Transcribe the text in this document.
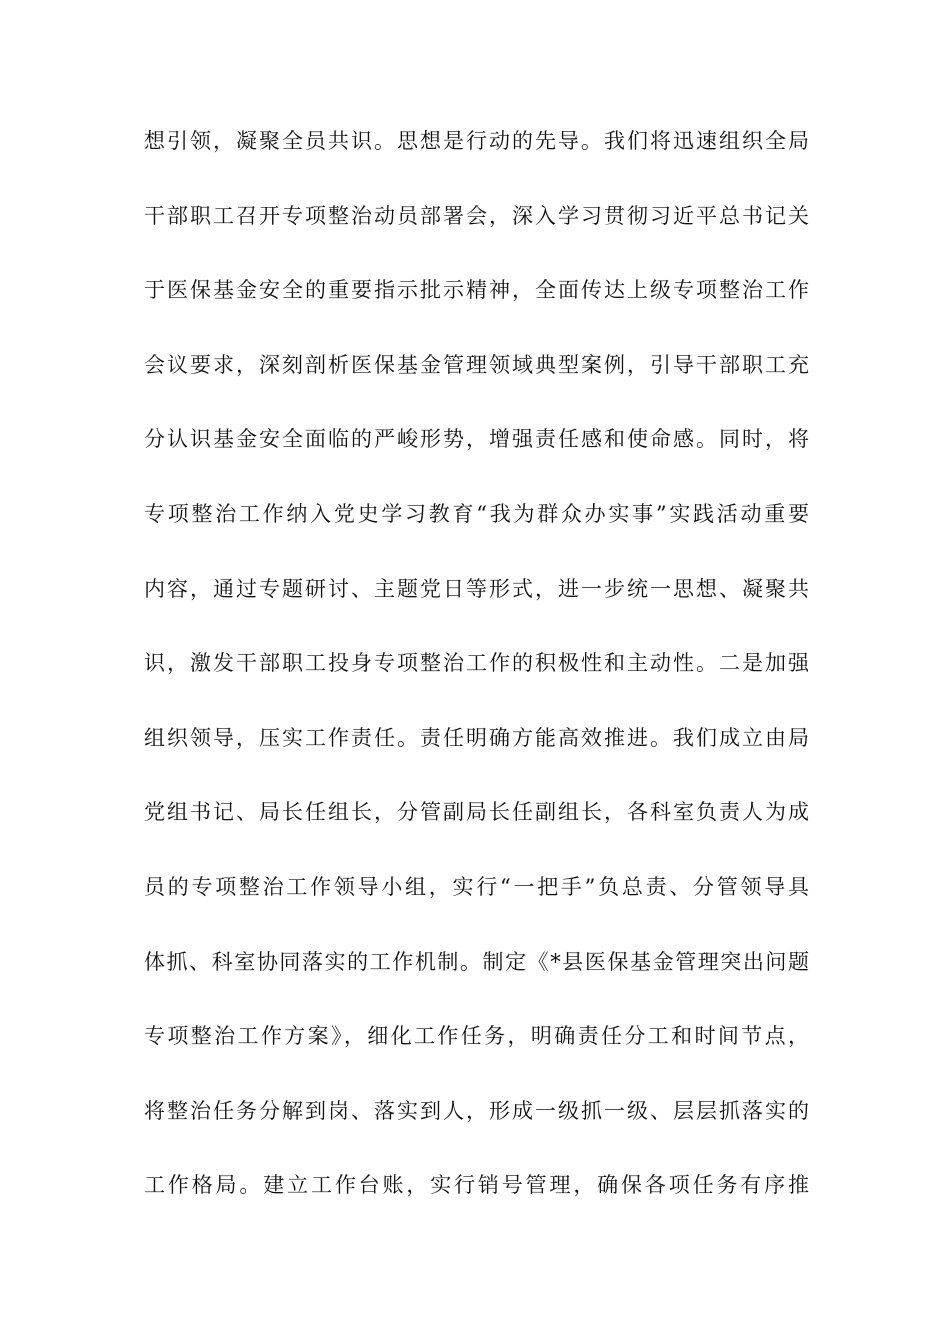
想引领，凝聚全员共识。思想是行动的先导。我们将迅速组织全局
干部职工召开专项整治动员部署会，深入学习贯彻习近平总书记关
于医保基金安全的重要指示批示精神，全面传达上级专项整治工作
会议要求，深刻剖析医保基金管理领域典型案例，引导干部职工充
分认识基金安全面临的严峻形势，增强责任感和使命感。同时，将
专项整治工作纳入党史学习教育“我为群众办实事”实践活动重要
内容，通过专题研讨、主题党日等形式，进一步统一思想、凝聚共
识，激发干部职工投身专项整治工作的积极性和主动性。二是加强
组织领导，压实工作责任。责任明确方能高效推进。我们成立由局
党组书记、局长任组长，分管副局长任副组长，各科室负责人为成
员的专项整治工作领导小组，实行“一把手”负总责、分管领导具
体抓、科室协同落实的工作机制。制定《*县医保基金管理突出问题
专项整治工作方案》，细化工作任务，明确责任分工和时间节点，
将整治任务分解到岗、落实到人，形成一级抓一级、层层抓落实的
工作格局。建立工作台账，实行销号管理，确保各项任务有序推
